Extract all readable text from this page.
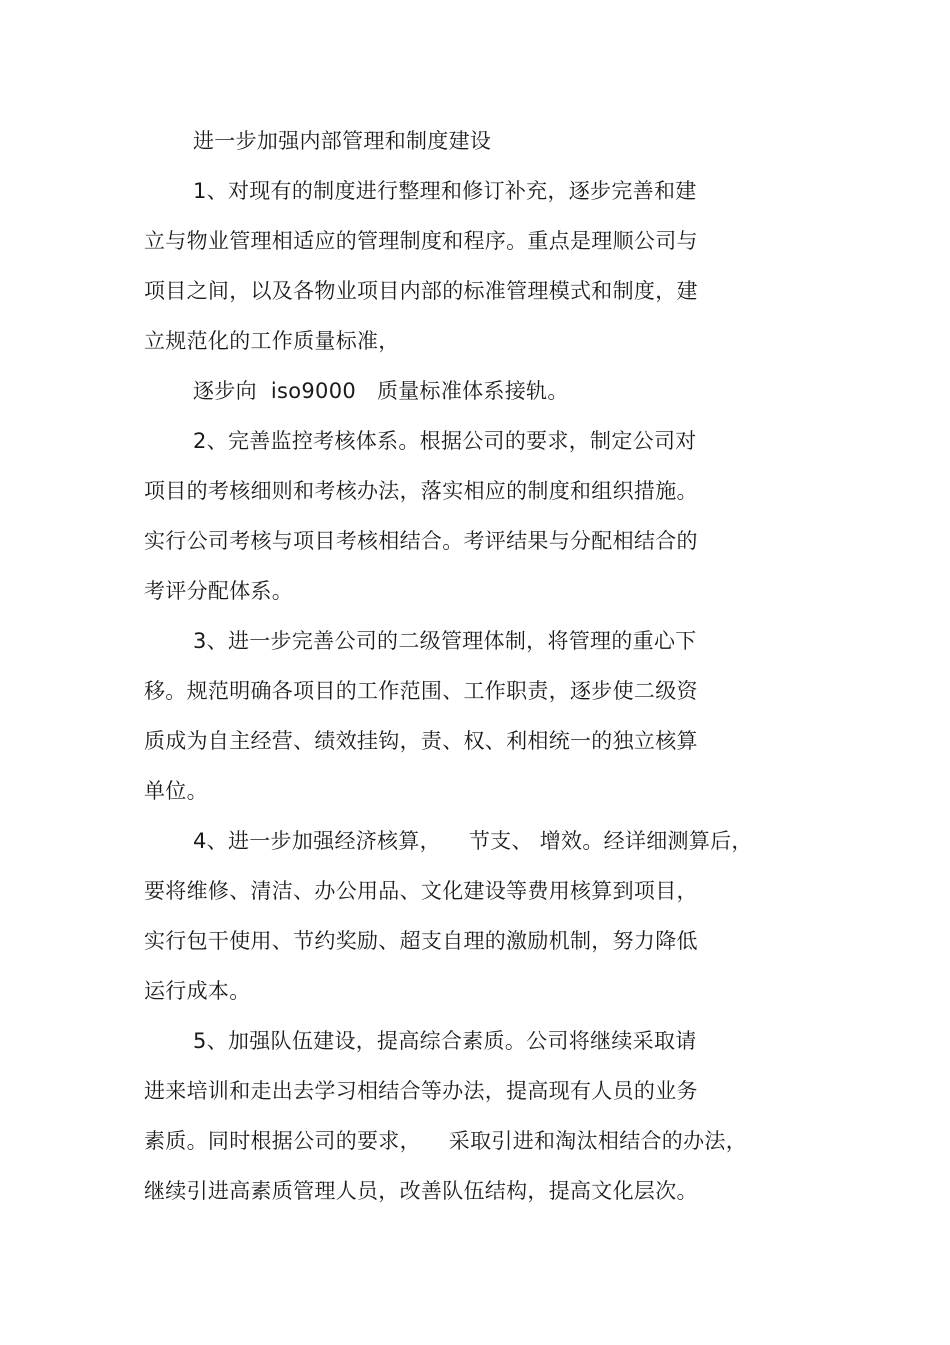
进一步加强内部管理和制度建设
1、对现有的制度进行整理和修订补充，逐步完善和建
立与物业管理相适应的管理制度和程序。重点是理顺公司与
项目之间，以及各物业项目内部的标准管理模式和制度，建
立规范化的工作质量标准，
逐步向  iso9000   质量标准体系接轨。
2、完善监控考核体系。根据公司的要求，制定公司对
项目的考核细则和考核办法，落实相应的制度和组织措施。
实行公司考核与项目考核相结合。考评结果与分配相结合的
考评分配体系。
3、进一步完善公司的二级管理体制，将管理的重心下
移。规范明确各项目的工作范围、工作职责，逐步使二级资
质成为自主经营、绩效挂钩，责、权、利相统一的独立核算
单位。
4、进一步加强经济核算，    节支、 增效。经详细测算后，
要将维修、清洁、办公用品、文化建设等费用核算到项目，
实行包干使用、节约奖励、超支自理的激励机制，努力降低
运行成本。
5、加强队伍建设，提高综合素质。公司将继续采取请
进来培训和走出去学习相结合等办法，提高现有人员的业务
素质。同时根据公司的要求，    采取引进和淘汰相结合的办法，
继续引进高素质管理人员，改善队伍结构，提高文化层次。
